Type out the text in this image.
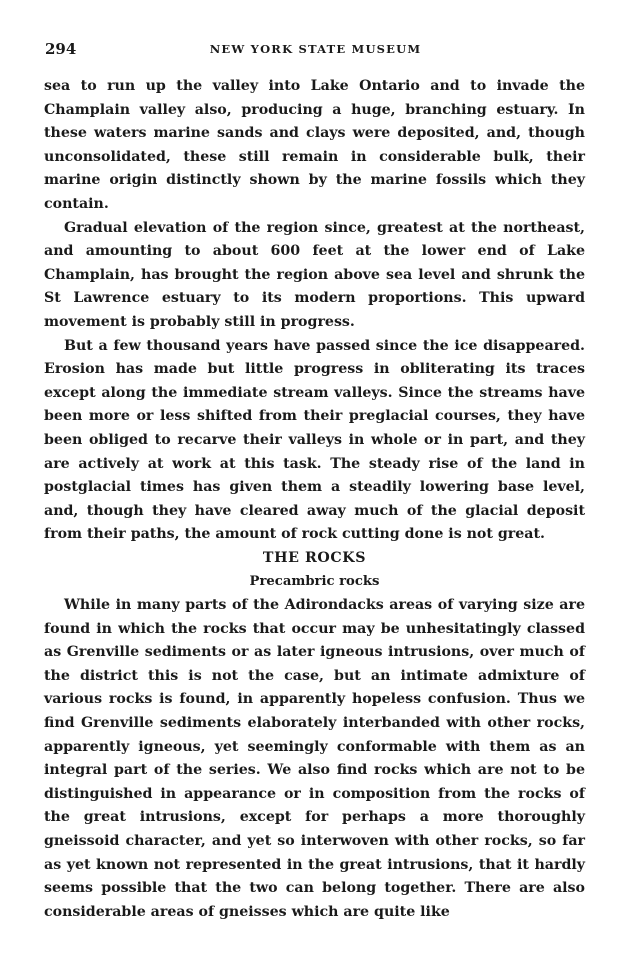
294	NEW YORK STATE MUSEUM

sea to run up the valley into Lake Ontario and to invade the Champlain valley also, producing a huge, branching estuary. In these waters marine sands and clays were deposited, and, though unconsolidated, these still remain in considerable bulk, their marine origin distinctly shown by the marine fossils which they contain.

Gradual elevation of the region since, greatest at the northeast, and amounting to about 600 feet at the lower end of Lake Champlain, has brought the region above sea level and shrunk the St Lawrence estuary to its modern proportions. This upward movement is probably still in progress.

But a few thousand years have passed since the ice disappeared. Erosion has made but little progress in obliterating its traces except along the immediate stream valleys. Since the streams have been more or less shifted from their preglacial courses, they have been obliged to recarve their valleys in whole or in part, and they are actively at work at this task. The steady rise of the land in postglacial times has given them a steadily lowering base level, and, though they have cleared away much of the glacial deposit from their paths, the amount of rock cutting done is not great.

THE ROCKS

Precambric rocks

While in many parts of the Adirondacks areas of varying size are found in which the rocks that occur may be unhesitatingly classed as Grenville sediments or as later igneous intrusions, over much of the district this is not the case, but an intimate admixture of various rocks is found, in apparently hopeless confusion. Thus we find Grenville sediments elaborately interbanded with other rocks, apparently igneous, yet seemingly conformable with them as an integral part of the series. We also find rocks which are not to be distinguished in appearance or in composition from the rocks of the great intrusions, except for perhaps a more thoroughly gneissoid character, and yet so interwoven with other rocks, so far as yet known not represented in the great intrusions, that it hardly seems possible that the two can belong together. There are also considerable areas of gneisses which are quite like
